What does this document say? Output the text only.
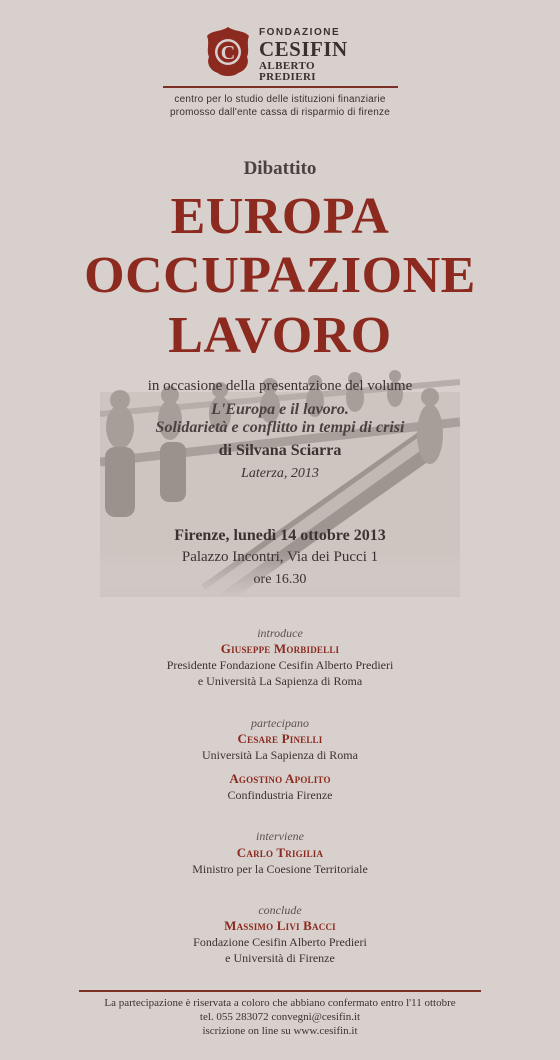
C
FONDAZIONE
CESIFIN
ALBERTO PREDIERI
centro per lo studio delle istituzioni finanziarie
promosso dall'ente cassa di risparmio di firenze
Dibattito
EUROPA
OCCUPAZIONE
LAVORO
in occasione della presentazione del volume
L'Europa e il lavoro.
Solidarietà e conflitto in tempi di crisi
di Silvana Sciarra
Laterza, 2013
Firenze, lunedì 14 ottobre 2013
Palazzo Incontri, Via dei Pucci 1
ore 16.30
introduce
Giuseppe Morbidelli
Presidente Fondazione Cesifin Alberto Predieri
e Università La Sapienza di Roma
partecipano
Cesare Pinelli
Università La Sapienza di Roma
Agostino Apolito
Confindustria Firenze
interviene
Carlo Trigilia
Ministro per la Coesione Territoriale
conclude
Massimo Livi Bacci
Fondazione Cesifin Alberto Predieri
e Università di Firenze
La partecipazione è riservata a coloro che abbiano confermato entro l'11 ottobre
tel. 055 283072 convegni@cesifin.it
iscrizione on line su www.cesifin.it
